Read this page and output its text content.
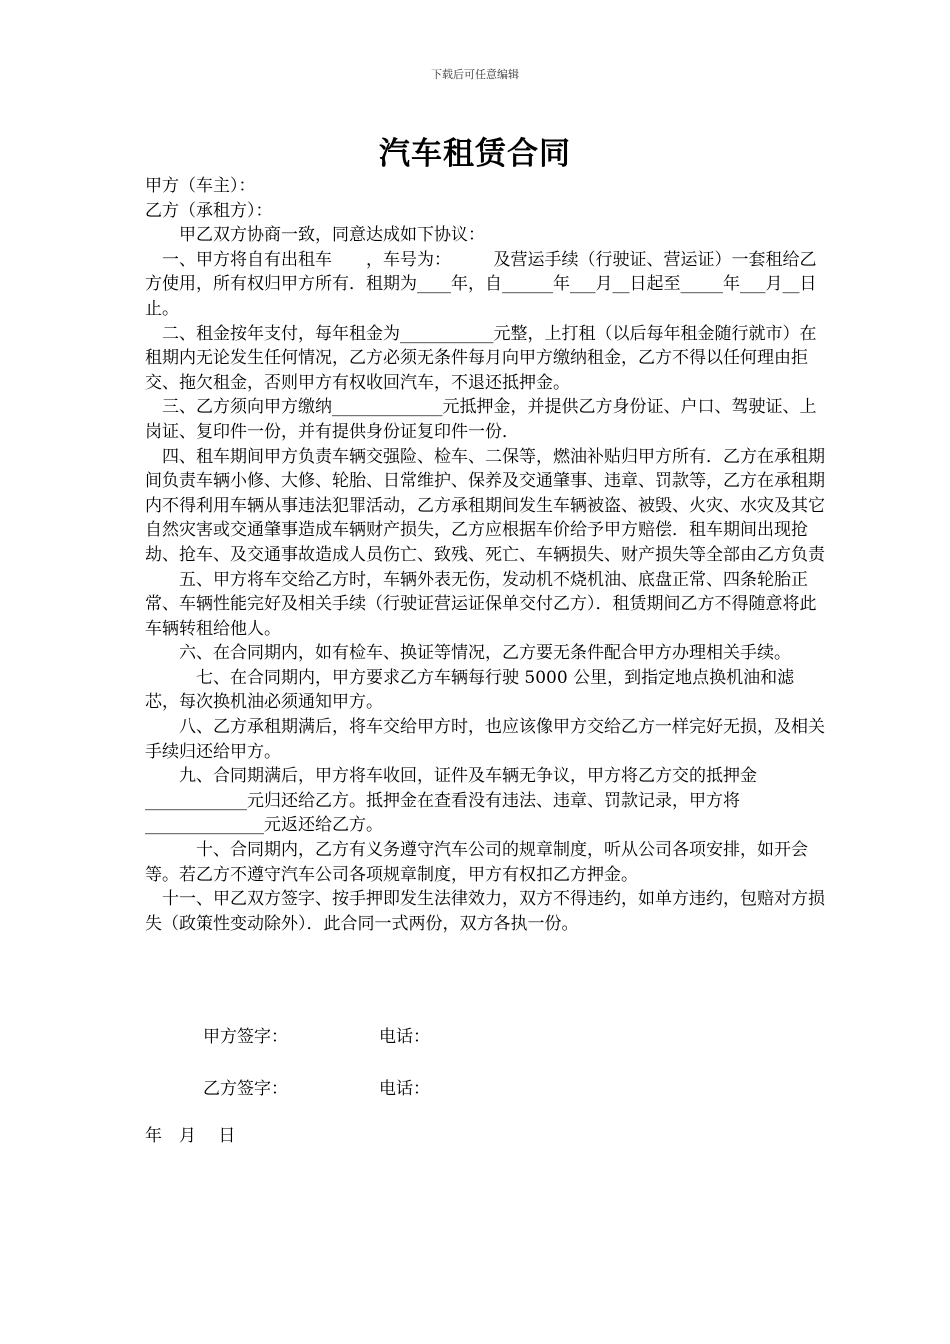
下载后可任意编辑
汽车租赁合同

甲方（车主）：

乙方（承租方）：

　　甲乙双方协商一致，同意达成如下协议：

　一、甲方将自有出租车　　，车号为：　　　及营运手续（行驶证、营运证）一套租给乙方使用，所有权归甲方所有．租期为____年，自______年___月__日起至_____年___月__日止。

　二、租金按年支付，每年租金为___________元整，上打租（以后每年租金随行就市）在租期内无论发生任何情况，乙方必须无条件每月向甲方缴纳租金，乙方不得以任何理由拒交、拖欠租金，否则甲方有权收回汽车，不退还抵押金。

　三、乙方须向甲方缴纳_____________元抵押金，并提供乙方身份证、户口、驾驶证、上岗证、复印件一份，并有提供身份证复印件一份．

　四、租车期间甲方负责车辆交强险、检车、二保等，燃油补贴归甲方所有．乙方在承租期间负责车辆小修、大修、轮胎、日常维护、保养及交通肇事、违章、罚款等，乙方在承租期内不得利用车辆从事违法犯罪活动，乙方承租期间发生车辆被盗、被毁、火灾、水灾及其它自然灾害或交通肇事造成车辆财产损失，乙方应根据车价给予甲方赔偿．租车期间出现抢劫、抢车、及交通事故造成人员伤亡、致残、死亡、车辆损失、财产损失等全部由乙方负责

　　五、甲方将车交给乙方时，车辆外表无伤，发动机不烧机油、底盘正常、四条轮胎正常、车辆性能完好及相关手续（行驶证营运证保单交付乙方）．租赁期间乙方不得随意将此车辆转租给他人。

　　六、在合同期内，如有检车、换证等情况，乙方要无条件配合甲方办理相关手续。

　　　七、在合同期内，甲方要求乙方车辆每行驶 5000 公里，到指定地点换机油和滤芯，每次换机油必须通知甲方。

　　八、乙方承租期满后，将车交给甲方时，也应该像甲方交给乙方一样完好无损，及相关手续归还给甲方。

　　九、合同期满后，甲方将车收回，证件及车辆无争议，甲方将乙方交的抵押金____________元归还给乙方。抵押金在查看没有违法、违章、罚款记录，甲方将______________元返还给乙方。

　　　十、合同期内，乙方有义务遵守汽车公司的规章制度，听从公司各项安排，如开会等。若乙方不遵守汽车公司各项规章制度，甲方有权扣乙方押金。

　十一、甲乙双方签字、按手押即发生法律效力，双方不得违约，如单方违约，包赔对方损失（政策性变动除外）．此合同一式两份，双方各执一份。

甲方签字：	电话：
乙方签字：	电话：
年　月　 日
